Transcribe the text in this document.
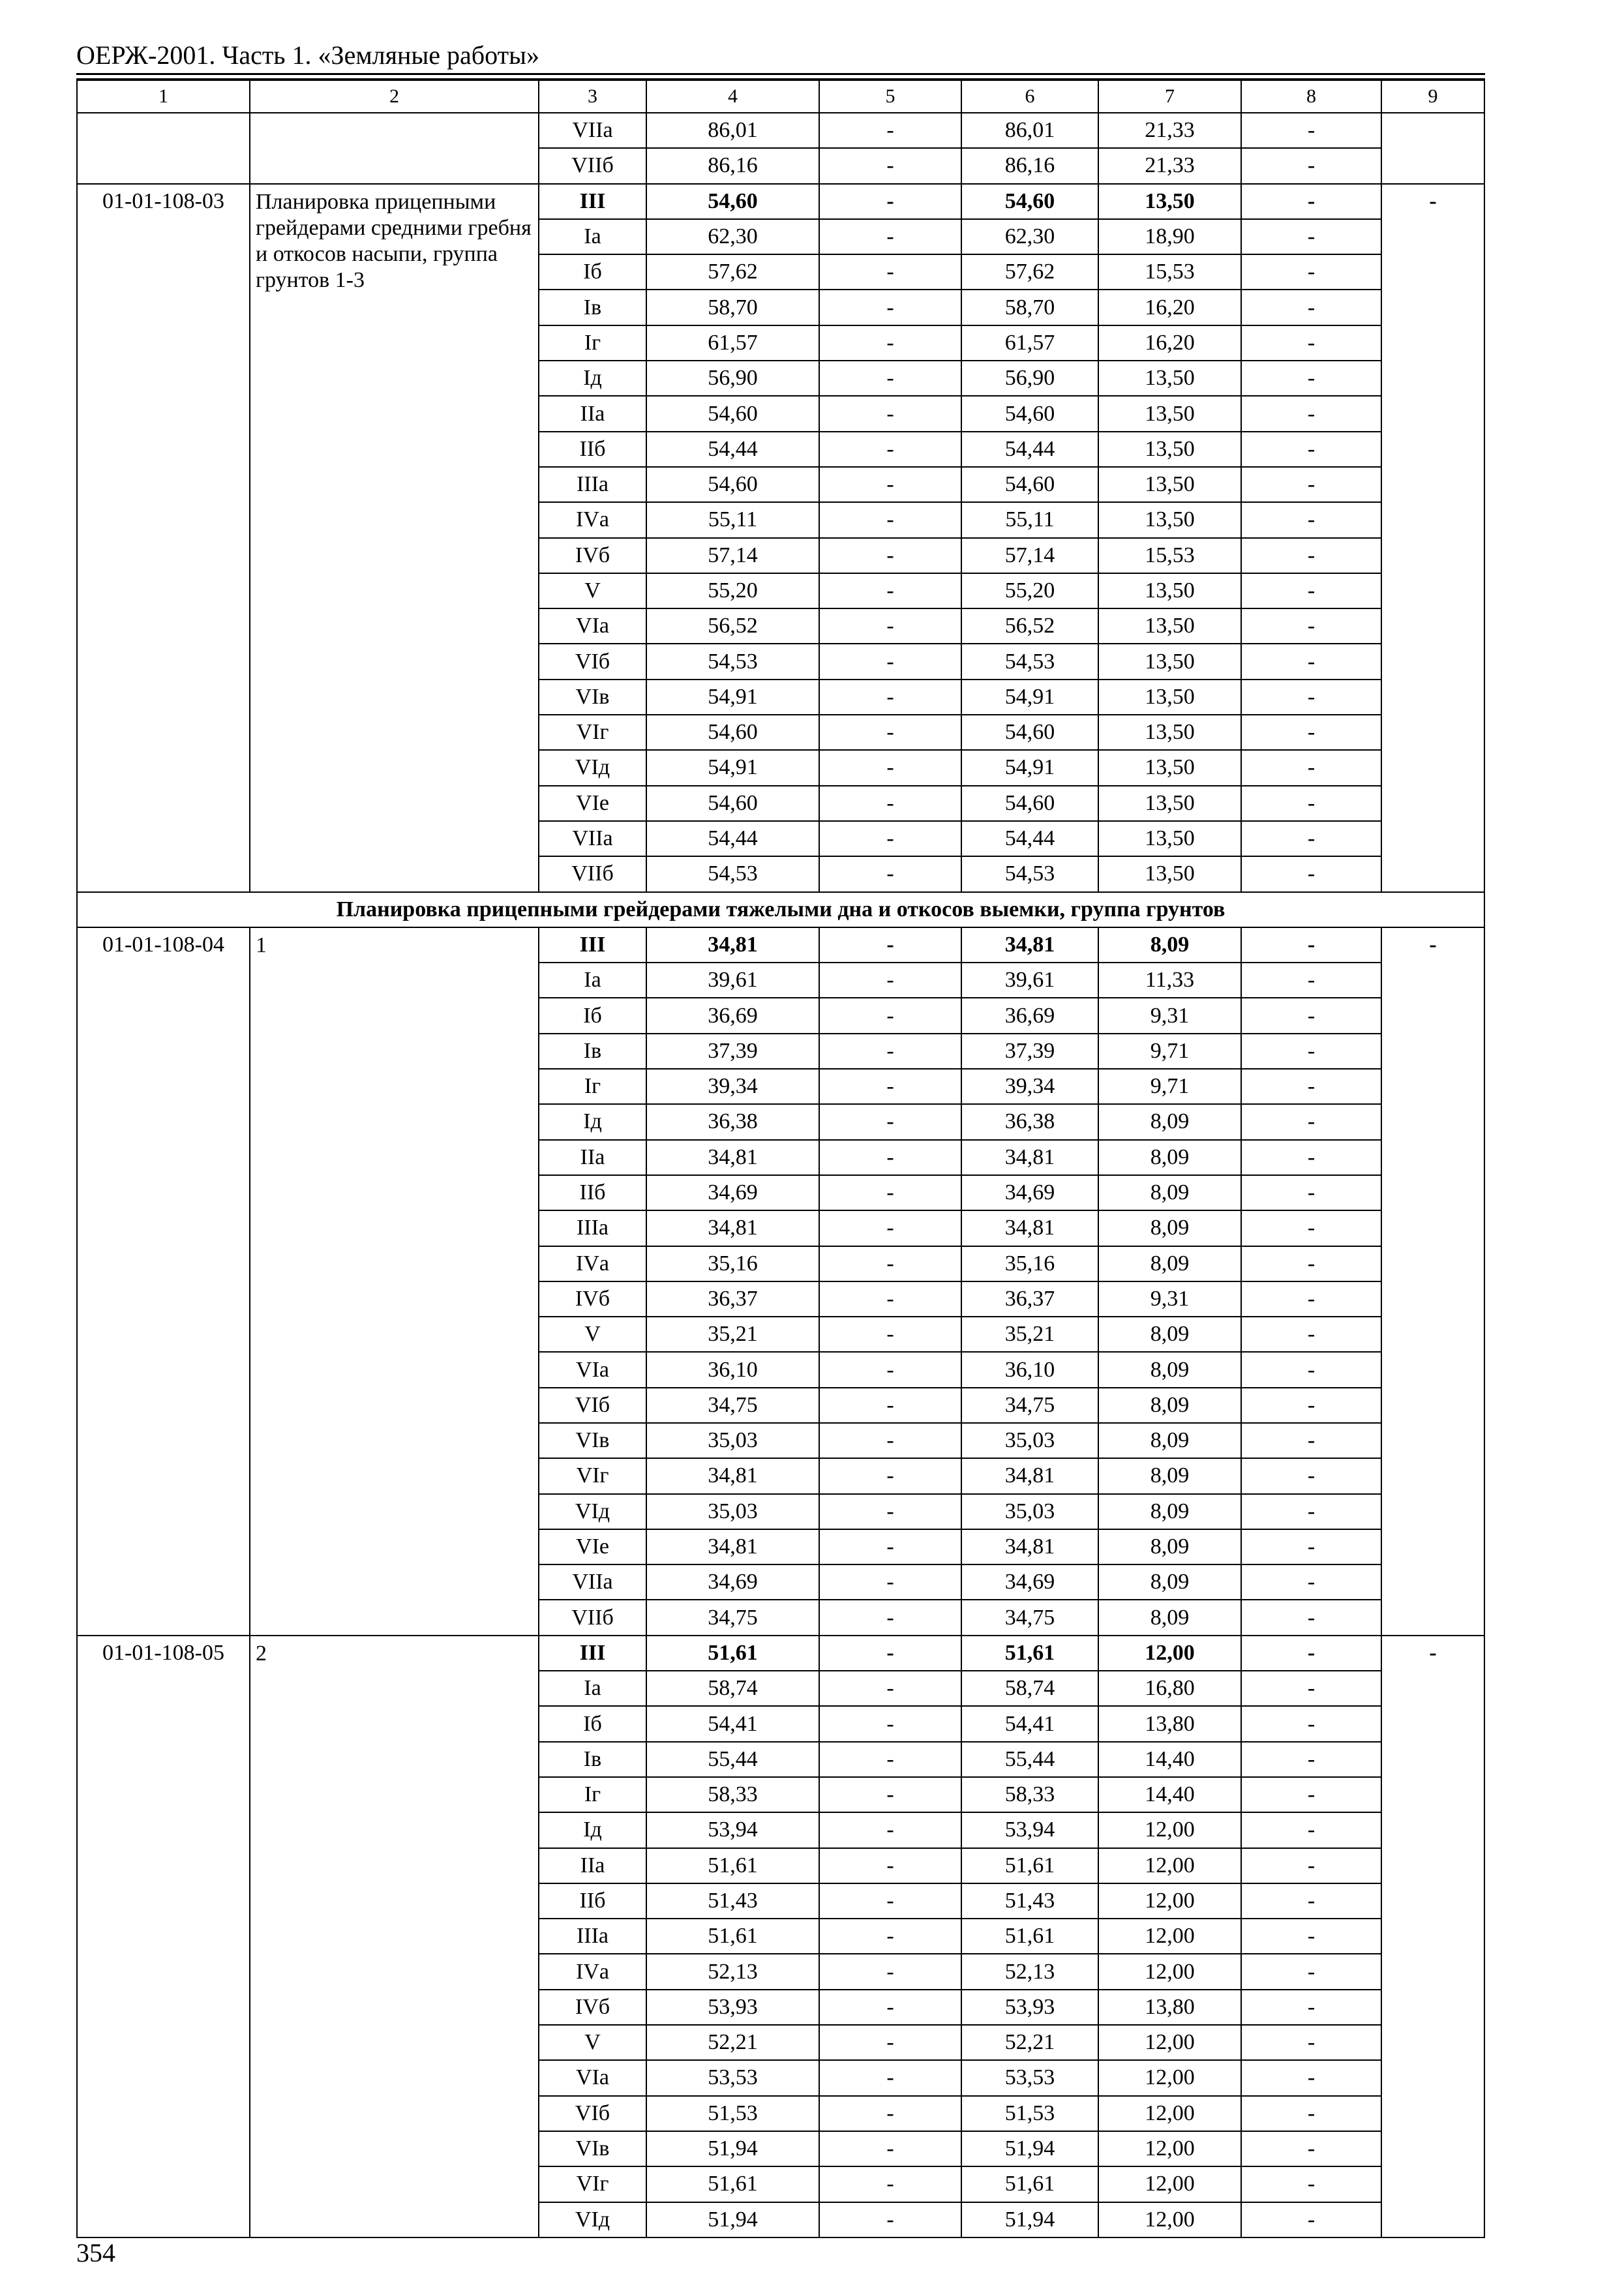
ОЕРЖ-2001. Часть 1. «Земляные работы»
1	2	3	4	5	6	7	8	9
		VIIа	86,01	-	86,01	21,33	-	
		VIIб	86,16	-	86,16	21,33	-	
01-01-108-03	Планировка прицепными грейдерами средними гребня и откосов насыпи, группа грунтов 1-3	III	54,60	-	54,60	13,50	-	-
		Iа	62,30	-	62,30	18,90	-	
		Iб	57,62	-	57,62	15,53	-	
		Iв	58,70	-	58,70	16,20	-	
		Iг	61,57	-	61,57	16,20	-	
		Iд	56,90	-	56,90	13,50	-	
		IIа	54,60	-	54,60	13,50	-	
		IIб	54,44	-	54,44	13,50	-	
		IIIа	54,60	-	54,60	13,50	-	
		IVа	55,11	-	55,11	13,50	-	
		IVб	57,14	-	57,14	15,53	-	
		V	55,20	-	55,20	13,50	-	
		VIа	56,52	-	56,52	13,50	-	
		VIб	54,53	-	54,53	13,50	-	
		VIв	54,91	-	54,91	13,50	-	
		VIг	54,60	-	54,60	13,50	-	
		VIд	54,91	-	54,91	13,50	-	
		VIе	54,60	-	54,60	13,50	-	
		VIIа	54,44	-	54,44	13,50	-	
		VIIб	54,53	-	54,53	13,50	-	
Планировка прицепными грейдерами тяжелыми дна и откосов выемки, группа грунтов								
01-01-108-04	1	III	34,81	-	34,81	8,09	-	-
		Iа	39,61	-	39,61	11,33	-	
		Iб	36,69	-	36,69	9,31	-	
		Iв	37,39	-	37,39	9,71	-	
		Iг	39,34	-	39,34	9,71	-	
		Iд	36,38	-	36,38	8,09	-	
		IIа	34,81	-	34,81	8,09	-	
		IIб	34,69	-	34,69	8,09	-	
		IIIа	34,81	-	34,81	8,09	-	
		IVа	35,16	-	35,16	8,09	-	
		IVб	36,37	-	36,37	9,31	-	
		V	35,21	-	35,21	8,09	-	
		VIа	36,10	-	36,10	8,09	-	
		VIб	34,75	-	34,75	8,09	-	
		VIв	35,03	-	35,03	8,09	-	
		VIг	34,81	-	34,81	8,09	-	
		VIд	35,03	-	35,03	8,09	-	
		VIе	34,81	-	34,81	8,09	-	
		VIIа	34,69	-	34,69	8,09	-	
		VIIб	34,75	-	34,75	8,09	-	
01-01-108-05	2	III	51,61	-	51,61	12,00	-	-
		Iа	58,74	-	58,74	16,80	-	
		Iб	54,41	-	54,41	13,80	-	
		Iв	55,44	-	55,44	14,40	-	
		Iг	58,33	-	58,33	14,40	-	
		Iд	53,94	-	53,94	12,00	-	
		IIа	51,61	-	51,61	12,00	-	
		IIб	51,43	-	51,43	12,00	-	
		IIIа	51,61	-	51,61	12,00	-	
		IVа	52,13	-	52,13	12,00	-	
		IVб	53,93	-	53,93	13,80	-	
		V	52,21	-	52,21	12,00	-	
		VIа	53,53	-	53,53	12,00	-	
		VIб	51,53	-	51,53	12,00	-	
		VIв	51,94	-	51,94	12,00	-	
		VIг	51,61	-	51,61	12,00	-	
		VIд	51,94	-	51,94	12,00	-	
354
